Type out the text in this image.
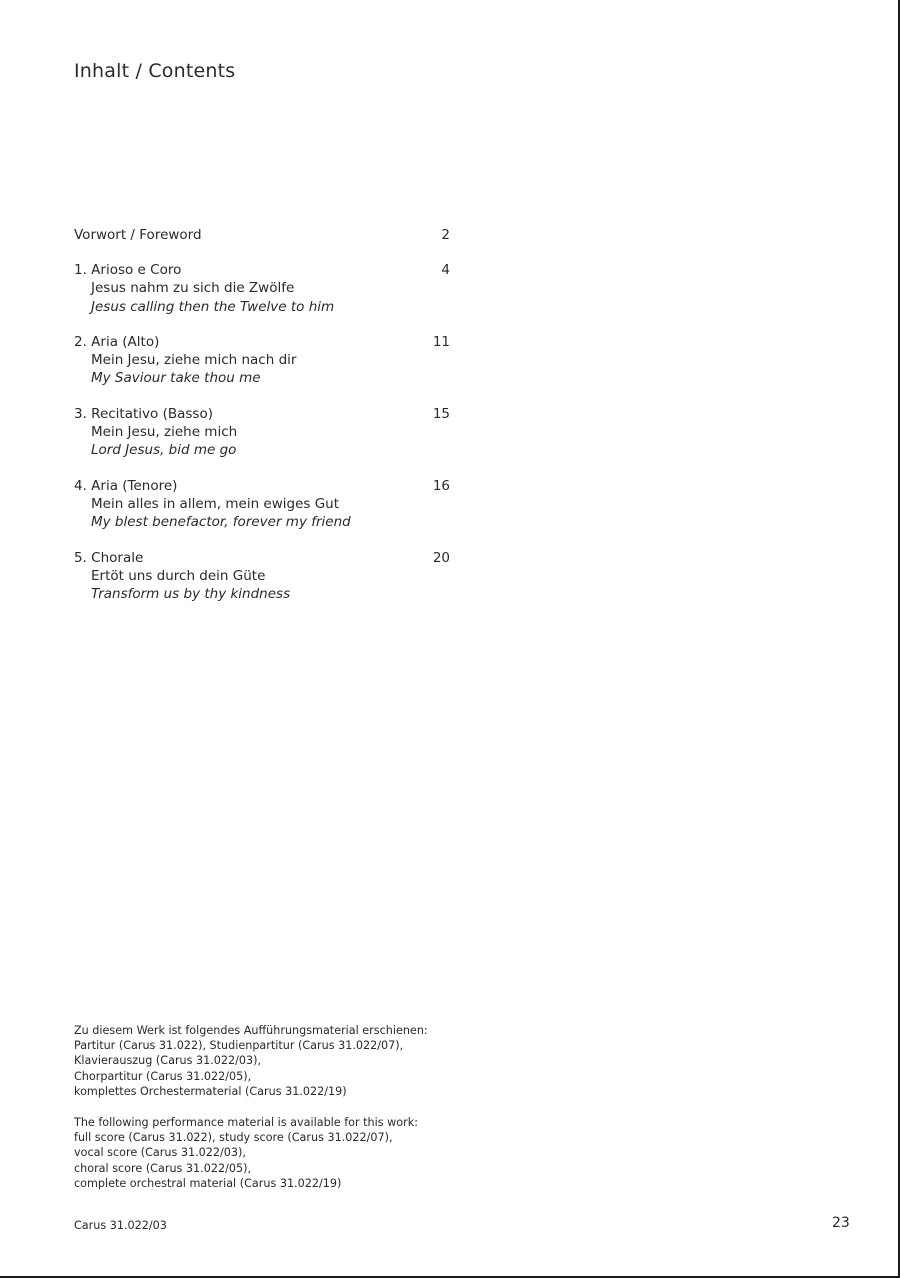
Inhalt / Contents
Vorwort / Foreword	2
1. Arioso e Coro	4
Jesus nahm zu sich die Zwölfe
Jesus calling then the Twelve to him
2. Aria (Alto)	11
Mein Jesu, ziehe mich nach dir
My Saviour take thou me
3. Recitativo (Basso)	15
Mein Jesu, ziehe mich
Lord Jesus, bid me go
4. Aria (Tenore)	16
Mein alles in allem, mein ewiges Gut
My blest benefactor, forever my friend
5. Chorale	20
Ertöt uns durch dein Güte
Transform us by thy kindness
Zu diesem Werk ist folgendes Aufführungsmaterial erschienen:
Partitur (Carus 31.022), Studienpartitur (Carus 31.022/07),
Klavierauszug (Carus 31.022/03),
Chorpartitur (Carus 31.022/05),
komplettes Orchestermaterial (Carus 31.022/19)
The following performance material is available for this work:
full score (Carus 31.022), study score (Carus 31.022/07),
vocal score (Carus 31.022/03),
choral score (Carus 31.022/05),
complete orchestral material (Carus 31.022/19)
Carus 31.022/03	23
